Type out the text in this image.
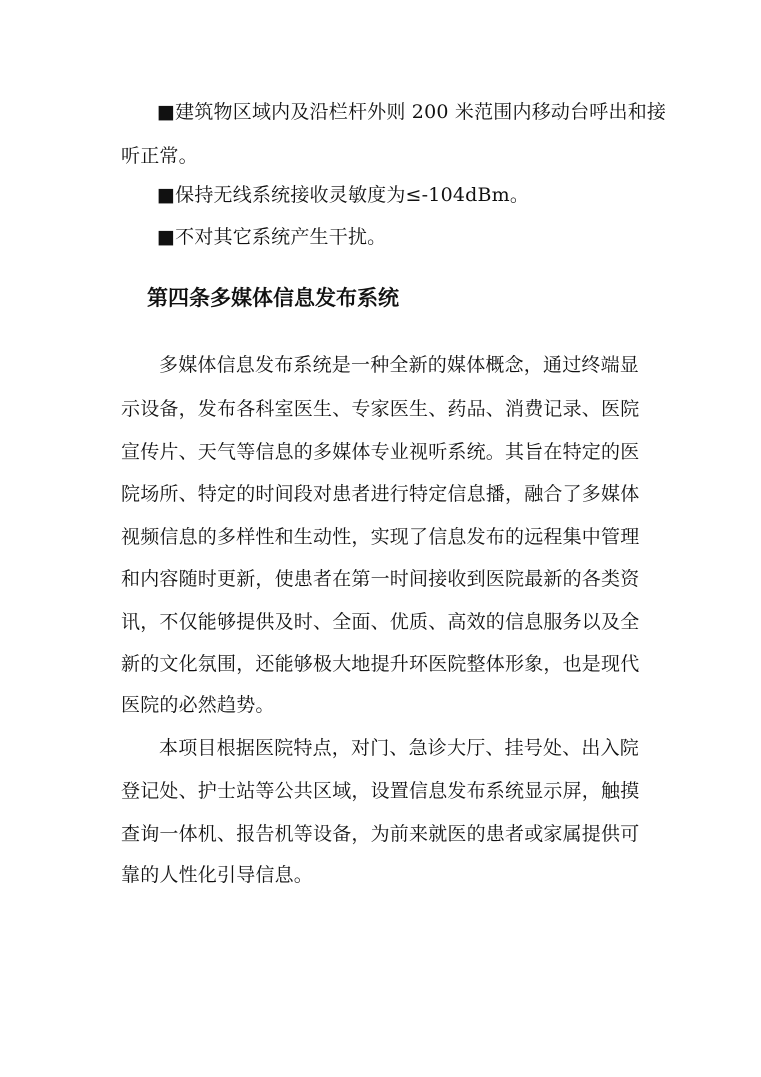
■建筑物区域内及沿栏杆外则 200 米范围内移动台呼出和接
听正常。
■保持无线系统接收灵敏度为≤-104dBm。
■不对其它系统产生干扰。
第四条多媒体信息发布系统
多媒体信息发布系统是一种全新的媒体概念，通过终端显
示设备，发布各科室医生、专家医生、药品、消费记录、医院
宣传片、天气等信息的多媒体专业视听系统。其旨在特定的医
院场所、特定的时间段对患者进行特定信息播，融合了多媒体
视频信息的多样性和生动性，实现了信息发布的远程集中管理
和内容随时更新，使患者在第一时间接收到医院最新的各类资
讯，不仅能够提供及时、全面、优质、高效的信息服务以及全
新的文化氛围，还能够极大地提升环医院整体形象，也是现代
医院的必然趋势。
本项目根据医院特点，对门、急诊大厅、挂号处、出入院
登记处、护士站等公共区域，设置信息发布系统显示屏，触摸
查询一体机、报告机等设备，为前来就医的患者或家属提供可
靠的人性化引导信息。
